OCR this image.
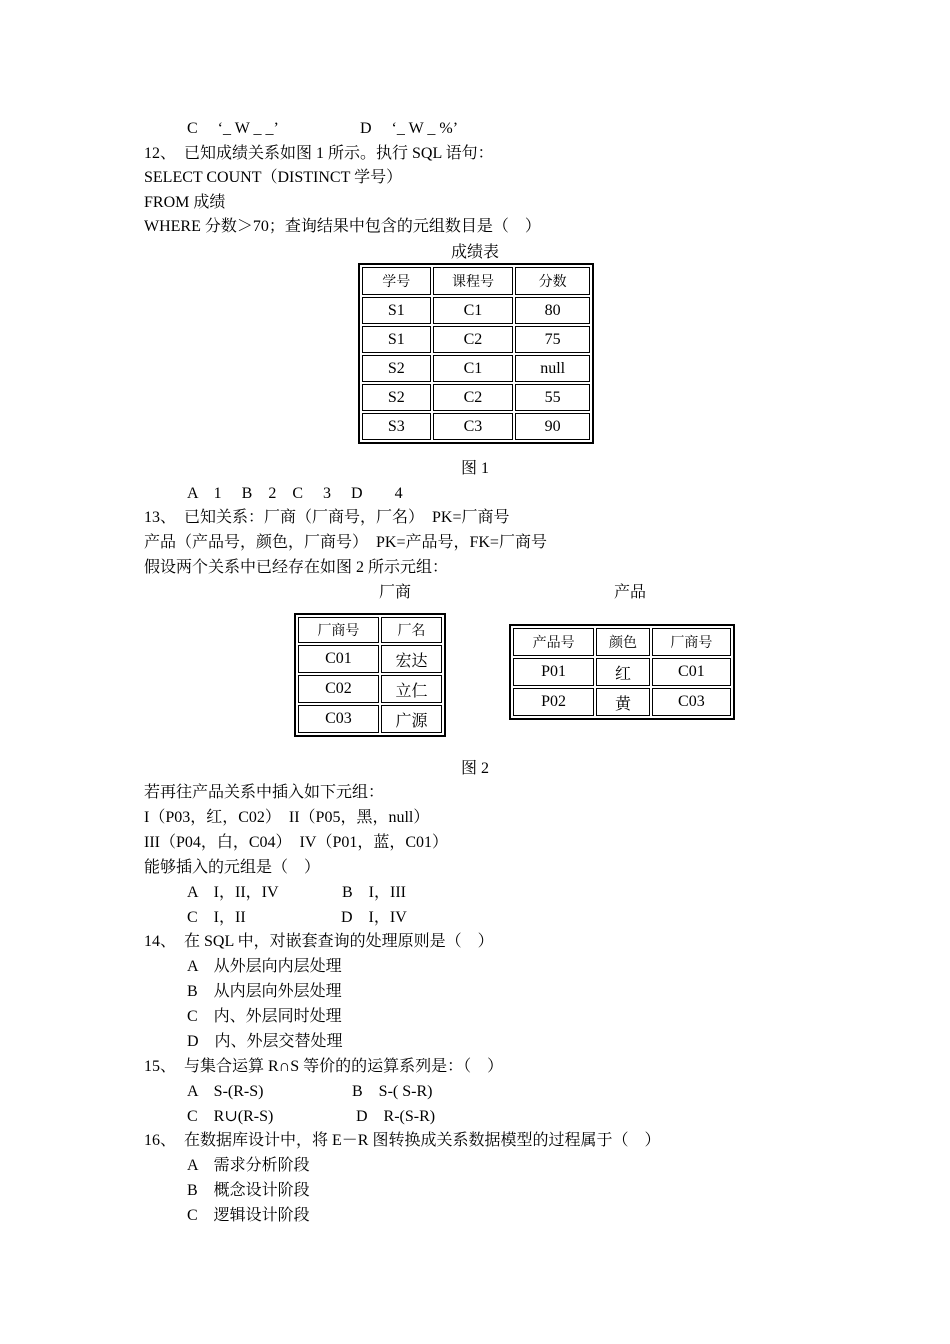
C　 ‘_ W _ _’	D　 ‘_ W _ %’
12、　已知成绩关系如图 1 所示。执行 SQL 语句：
SELECT COUNT（DISTINCT 学号）
FROM 成绩
WHERE 分数＞70；查询结果中包含的元组数目是（　）
成绩表
学号	课程号	分数
S1	C1	80
S1	C2	75
S2	C1	null
S2	C2	55
S3	C3	90
图 1
A　1　 B　2　C　 3　 D　　4
13、　已知关系：厂商（厂商号，厂名）　PK=厂商号
产品（产品号，颜色，厂商号）　PK=产品号，FK=厂商号
假设两个关系中已经存在如图 2 所示元组：
厂商	产品
厂商号	厂名
C01	宏达
C02	立仁
C03	广源
产品号	颜色	厂商号
P01	红	C01
P02	黄	C03
图 2
若再往产品关系中插入如下元组：
I（P03，红，C02）　II（P05，黑，null）
III（P04，白，C04）　IV（P01，蓝，C01）
能够插入的元组是（　）
A　I，II，IV	B　I，III
C　I，II	D　I，IV
14、　在 SQL 中，对嵌套查询的处理原则是（　）
A　从外层向内层处理
B　从内层向外层处理
C　内、外层同时处理
D　内、外层交替处理
15、　与集合运算 R∩S 等价的的运算系列是：（　）
A　S-(R-S)	B　S-( S-R)
C　R∪(R-S)	D　R-(S-R)
16、　在数据库设计中，将 E－R 图转换成关系数据模型的过程属于（　）
A　需求分析阶段
B　概念设计阶段
C　逻辑设计阶段
